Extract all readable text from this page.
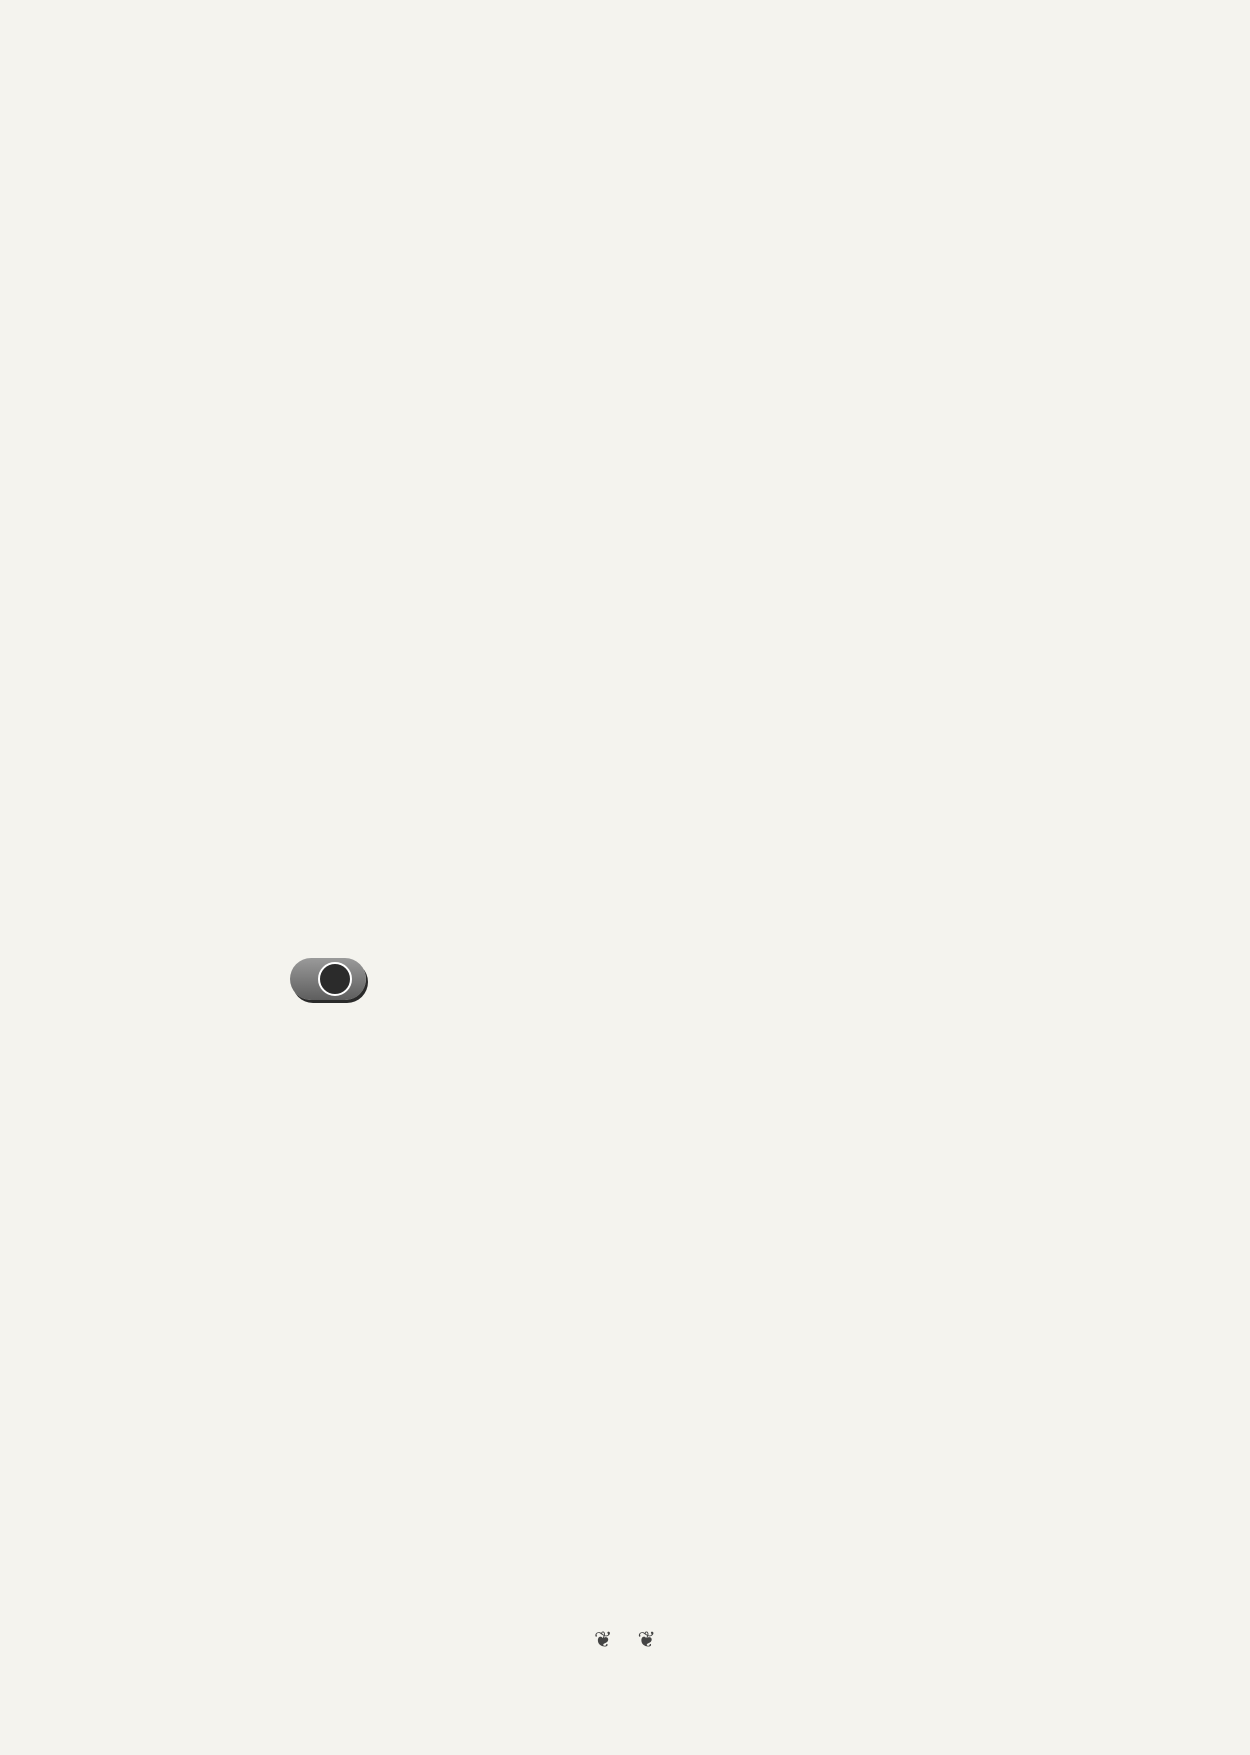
❦ ❦
